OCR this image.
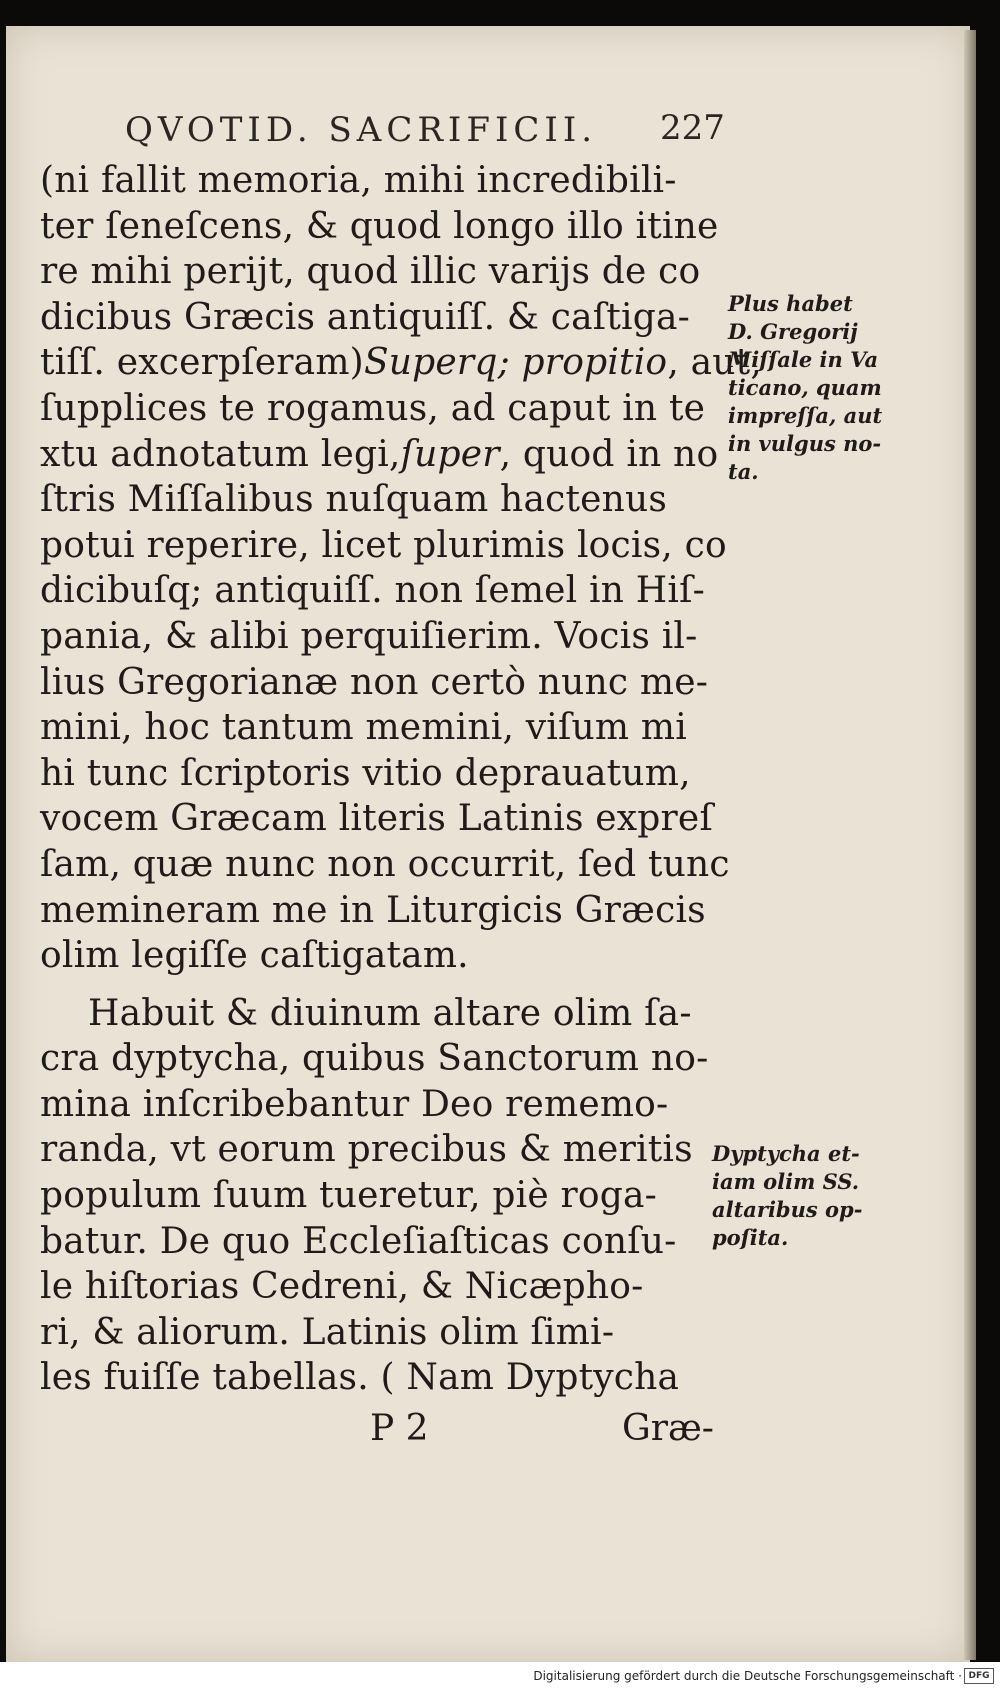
QVOTID. SACRIFICII. 227
(ni fallit memoria, mihi incredibili-
ter ſeneſcens, & quod longo illo itine
re mihi perijt, quod illic varijs de co
dicibus Græcis antiquiſſ. & caſtiga-
tiſſ. excerpſeram)Superq; propitio, aut,
ſupplices te rogamus, ad caput in te
xtu adnotatum legi,ſuper, quod in no
ſtris Miſſalibus nuſquam hactenus
potui reperire, licet plurimis locis, co
dicibuſq; antiquiſſ. non ſemel in Hiſ-
pania, & alibi perquiſierim. Vocis il-
lius Gregorianæ non certò nunc me-
mini, hoc tantum memini, viſum mi
hi tunc ſcriptoris vitio deprauatum,
vocem Græcam literis Latinis expreſ
ſam, quæ nunc non occurrit, ſed tunc
memineram me in Liturgicis Græcis
olim legiſſe caſtigatam.
Habuit & diuinum altare olim ſa-
cra dyptycha, quibus Sanctorum no-
mina inſcribebantur Deo rememo-
randa, vt eorum precibus & meritis
populum ſuum tueretur, piè roga-
batur. De quo Eccleſiaſticas conſu-
le hiſtorias Cedreni, & Nicæpho-
ri, & aliorum. Latinis olim ſimi-
les fuiſſe tabellas. ( Nam Dyptycha
Plus habet
D. Gregorij
Miſſale in Va
ticano, quam
impreſſa, aut
in vulgus no-
ta.
Dyptycha et-
iam olim SS.
altaribus op-
poſita.
P 2	Græ-
Digitalisierung gefördert durch die Deutsche Forschungsgemeinschaft · DFG
